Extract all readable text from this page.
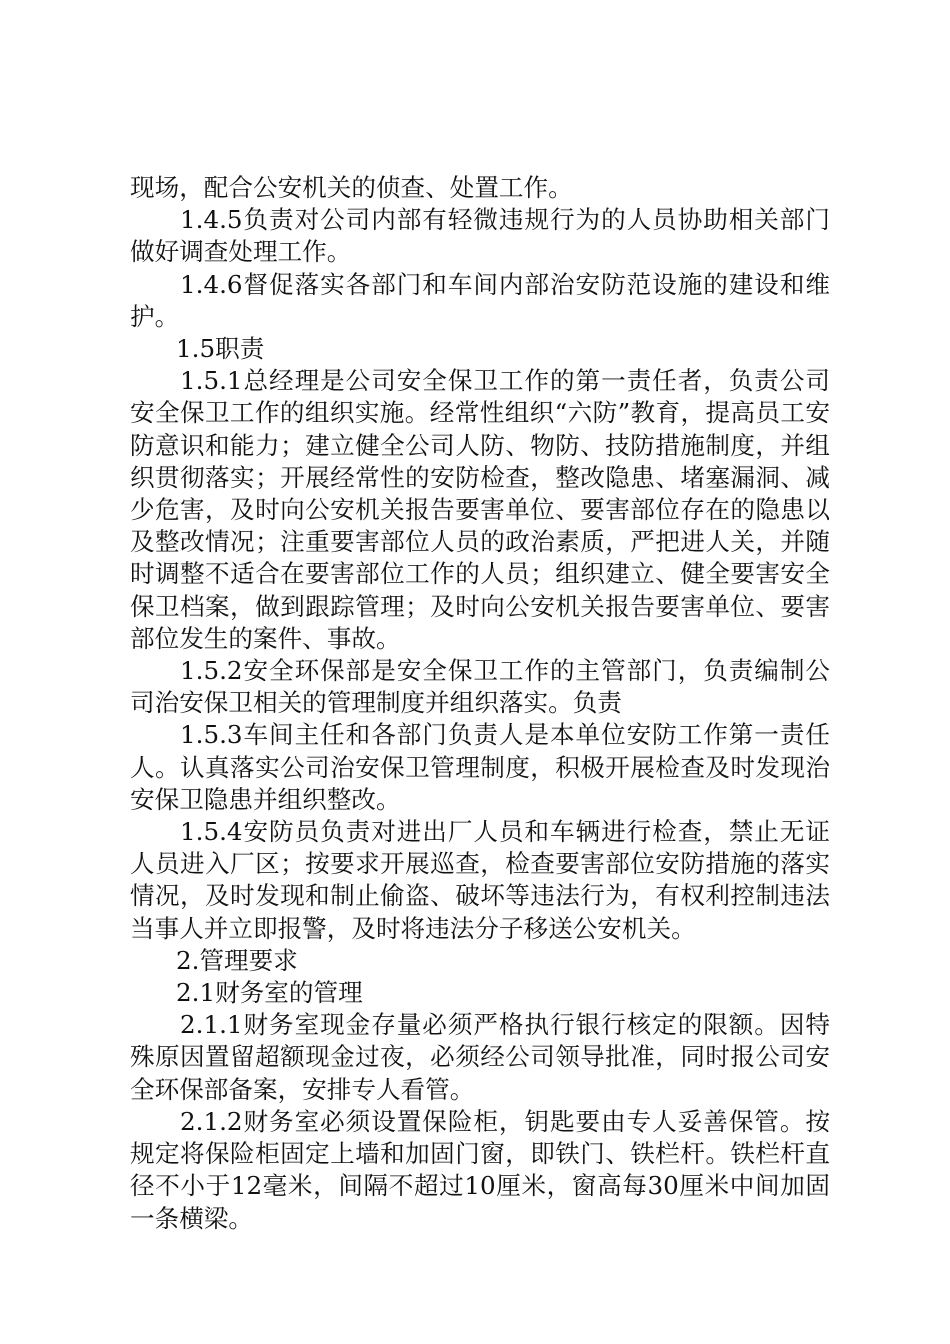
现场，配合公安机关的侦查、处置工作。

1.4.5负责对公司内部有轻微违规行为的人员协助相关部门做好调查处理工作。

1.4.6督促落实各部门和车间内部治安防范设施的建设和维护。

1.5职责

1.5.1总经理是公司安全保卫工作的第一责任者，负责公司安全保卫工作的组织实施。经常性组织“六防”教育，提高员工安防意识和能力；建立健全公司人防、物防、技防措施制度，并组织贯彻落实；开展经常性的安防检查，整改隐患、堵塞漏洞、减少危害，及时向公安机关报告要害单位、要害部位存在的隐患以及整改情况；注重要害部位人员的政治素质，严把进人关，并随时调整不适合在要害部位工作的人员；组织建立、健全要害安全保卫档案，做到跟踪管理；及时向公安机关报告要害单位、要害部位发生的案件、事故。

1.5.2安全环保部是安全保卫工作的主管部门，负责编制公司治安保卫相关的管理制度并组织落实。负责

1.5.3车间主任和各部门负责人是本单位安防工作第一责任人。认真落实公司治安保卫管理制度，积极开展检查及时发现治安保卫隐患并组织整改。

1.5.4安防员负责对进出厂人员和车辆进行检查，禁止无证人员进入厂区；按要求开展巡查，检查要害部位安防措施的落实情况，及时发现和制止偷盗、破坏等违法行为，有权利控制违法当事人并立即报警，及时将违法分子移送公安机关。

2.管理要求

2.1财务室的管理

2.1.1财务室现金存量必须严格执行银行核定的限额。因特殊原因置留超额现金过夜，必须经公司领导批准，同时报公司安全环保部备案，安排专人看管。

2.1.2财务室必须设置保险柜，钥匙要由专人妥善保管。按规定将保险柜固定上墙和加固门窗，即铁门、铁栏杆。铁栏杆直径不小于12毫米，间隔不超过10厘米，窗高每30厘米中间加固一条横梁。
